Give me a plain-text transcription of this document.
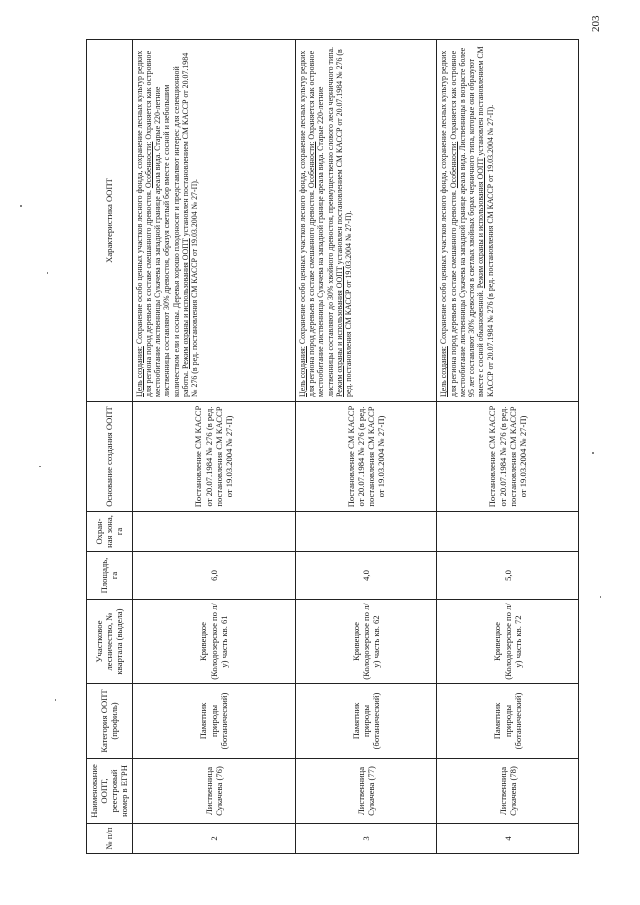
203
№ п/п	Наименование ООПТ, реестровый номер в ЕГРН	Категория ООПТ (профиль)	Участковое лесничество, № квартала (выдела)	Площадь, га	Охран-ная зона, га	Основание создания ООПТ	Характеристика ООПТ
2	Лиственница Сукачева (76)	Памятник природы (ботанический)	Кривецкое (Колодозерское по л/у) часть кв. 61	6,0		Постановление СМ КАССР от 20.07.1984 № 276 (в ред. постановления СМ КАССР от 19.03.2004 № 27-П)	Цель создания: Сохранение особо ценных участков лесного фонда, сохранение лесных культур редких для региона пород деревьев в составе смешанного древостоя. Особенности: Охраняется как островное местообитание лиственницы Сукачева на западной границе ареала вида. Старые 220-летние лиственницы составляют 30% древостоя, образуя светлый бор вместе с сосной и небольшим количеством ели и сосны. Деревья хорошо плодоносят и представляют интерес для селекционной работы. Режим охраны и использования ООПТ установлен постановлением СМ КАССР от 20.07.1984 № 276 (в ред. постановления СМ КАССР от 19.03.2004 № 27-П).
3	Лиственница Сукачева (77)	Памятник природы (ботанический)	Кривецкое (Колодозерское по л/у) часть кв. 62	4,0		Постановление СМ КАССР от 20.07.1984 № 276 (в ред. постановления СМ КАССР от 19.03.2004 № 27-П)	Цель создания: Сохранение особо ценных участков лесного фонда, сохранение лесных культур редких для региона пород деревьев в составе смешанного древостоя. Особенности: Охраняется как островное местообитание лиственницы Сукачева на западной границе ареала вида. Старые 220-летние лиственницы составляют до 30% хвойного древостоя, преимущественно слового леса черничного типа. Режим охраны и использования ООПТ установлен постановлением СМ КАССР от 20.07.1984 № 276 (в ред. постановления СМ КАССР от 19.03.2004 № 27-П).
4	Лиственница Сукачева (78)	Памятник природы (ботанический)	Кривецкое (Колодозерское по л/у) часть кв. 72	5,0		Постановление СМ КАССР от 20.07.1984 № 276 (в ред. постановления СМ КАССР от 19.03.2004 № 27-П)	Цель создания: Сохранение особо ценных участков лесного фонда, сохранение лесных культур редких для региона пород деревьев в составе смешанного древостоя. Особенности: Охраняется как островное местообитание лиственницы Сукачева на западной границе ареала вида. Лиственницы в возрасте более 95 лет составляют 30% древостоя в светлых хвойных борах черничного типа, которые они образуют вместе с сосной обыкновенной. Режим охраны и использования ООПТ установлен постановлением СМ КАССР от 20.07.1984 № 276 (в ред. постановления СМ КАССР от 19.03.2004 № 27-П).
